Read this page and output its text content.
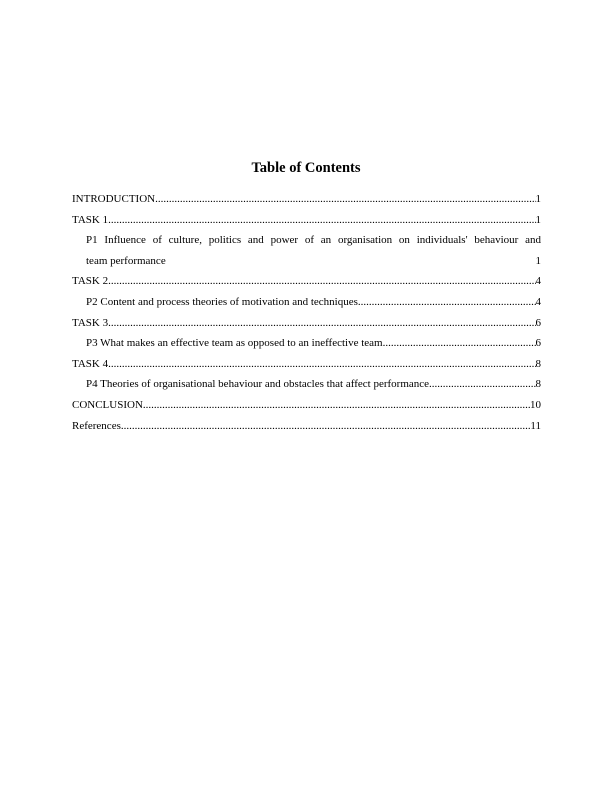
Table of Contents
INTRODUCTION .....	1
TASK 1 .....	1
P1 Influence of culture, politics and power of an organisation on individuals' behaviour and
team performance	1
TASK 2 .....	4
P2 Content and process theories of motivation and techniques .....	4
TASK 3 .....	6
P3 What makes an effective team as opposed to an ineffective team .....	6
TASK 4 .....	8
P4 Theories of organisational behaviour and obstacles that affect performance .....	8
CONCLUSION .....	10
References .....	11
